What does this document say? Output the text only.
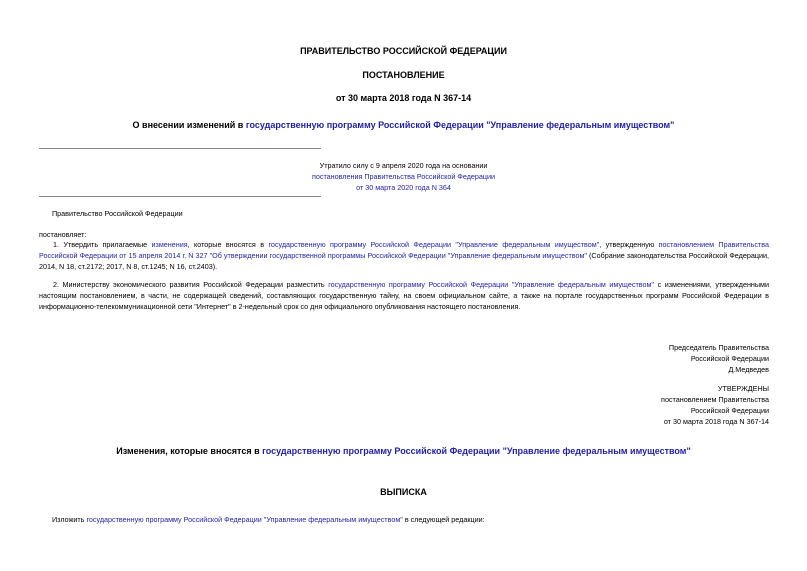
ПРАВИТЕЛЬСТВО РОССИЙСКОЙ ФЕДЕРАЦИИ
ПОСТАНОВЛЕНИЕ
от 30 марта 2018 года N 367-14
О внесении изменений в государственную программу Российской Федерации "Управление федеральным имуществом"
Утратило силу с 9 апреля 2020 года на основании
постановления Правительства Российской Федерации
от 30 марта 2020 года N 364
Правительство Российской Федерации
постановляет:
1. Утвердить прилагаемые изменения, которые вносятся в государственную программу Российской Федерации "Управление федеральным имуществом", утвержденную постановлением Правительства Российской Федерации от 15 апреля 2014 г. N 327 "Об утверждении государственной программы Российской Федерации "Управление федеральным имуществом" (Собрание законодательства Российской Федерации, 2014, N 18, ст.2172; 2017, N 8, ст.1245; N 16, ст.2403).
2. Министерству экономического развития Российской Федерации разместить государственную программу Российской Федерации "Управление федеральным имуществом" с изменениями, утвержденными настоящим постановлением, в части, не содержащей сведений, составляющих государственную тайну, на своем официальном сайте, а также на портале государственных программ Российской Федерации в информационно-телекоммуникационной сети "Интернет" в 2-недельный срок со дня официального опубликования настоящего постановления.
Председатель Правительства
Российской Федерации
Д.Медведев
УТВЕРЖДЕНЫ
постановлением Правительства
Российской Федерации
от 30 марта 2018 года N 367-14
Изменения, которые вносятся в государственную программу Российской Федерации "Управление федеральным имуществом"
ВЫПИСКА
Изложить государственную программу Российской Федерации "Управление федеральным имуществом" в следующей редакции:
